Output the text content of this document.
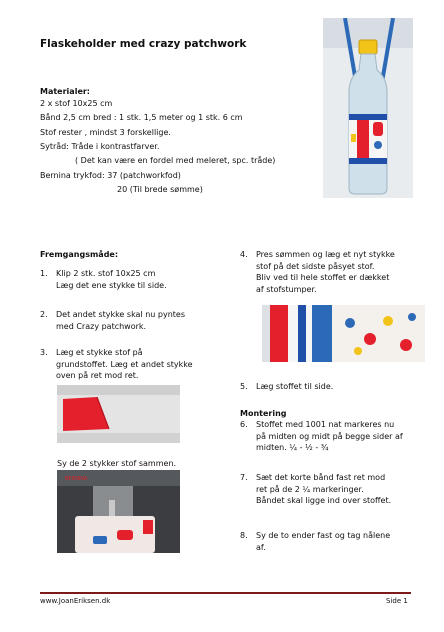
Flaskeholder med crazy patchwork
Materialer:
2 x stof 10x25 cm
Bånd 2,5 cm bred : 1 stk. 1,5 meter og 1 stk. 6 cm
Stof rester , mindst 3 forskellige.
Sytråd: Tråde i kontrastfarver.
( Det kan være en fordel med meleret, spc. tråde)
Bernina trykfod: 37 (patchworkfod)
20 (Til brede sømme)
Fremgangsmåde:
1. Klip 2 stk. stof 10x25 cm
Læg det ene stykke til side.
2. Det andet stykke skal nu pyntes
med Crazy patchwork.
3. Læg et stykke stof på
grundstoffet. Læg et andet stykke
oven på ret mod ret.
Sy de 2 stykker stof sammen.
BERNINA
4. Pres sømmen og læg et nyt stykke
stof på det sidste påsyet stof.
Bliv ved til hele stoffet er dækket
af stofstumper.
5. Læg stoffet til side.
Montering
6. Stoffet med 1001 nat markeres nu
på midten og midt på begge sider af
midten. ¼ - ½ - ¾
7. Sæt det korte bånd fast ret mod
ret på de 2 ¼ markeringer.
Båndet skal ligge ind over stoffet.
8. Sy de to ender fast og tag nålene
af.
www.JoanEriksen.dk	Side 1
